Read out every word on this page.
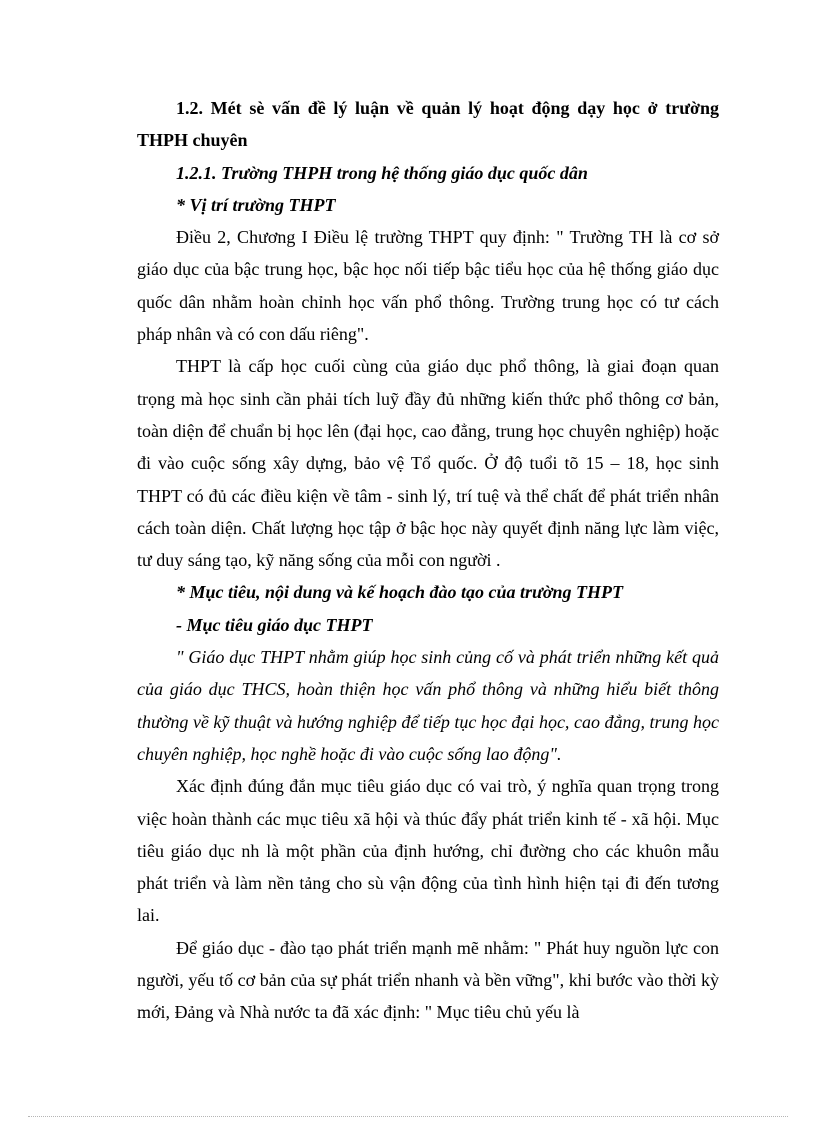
1.2. Mét sè vấn đề lý luận về quản lý hoạt động dạy học ở trường THPH chuyên

1.2.1. Trường THPH trong hệ thống giáo dục quốc dân

* Vị trí trường THPT

Điều 2, Chương I Điều lệ trường THPT quy định: " Trường TH là cơ sở giáo dục của bậc trung học, bậc học nối tiếp bậc tiểu học của hệ thống giáo dục quốc dân nhằm hoàn chỉnh học vấn phổ thông. Trường trung học có tư cách pháp nhân và có con dấu riêng".

THPT là cấp học cuối cùng của giáo dục phổ thông, là giai đoạn quan trọng mà học sinh cần phải tích luỹ đầy đủ những kiến thức phổ thông cơ bản, toàn diện để chuẩn bị học lên (đại học, cao đẳng, trung học chuyên nghiệp) hoặc đi vào cuộc sống xây dựng, bảo vệ Tổ quốc. Ở độ tuổi tõ 15 – 18, học sinh THPT có đủ các điều kiện về tâm - sinh lý, trí tuệ và thể chất để phát triển nhân cách toàn diện. Chất lượng học tập ở bậc học này quyết định năng lực làm việc, tư duy sáng tạo, kỹ năng sống của mỗi con người .

* Mục tiêu, nội dung và kế hoạch đào tạo của trường THPT

- Mục tiêu giáo dục THPT

" Giáo dục THPT nhằm giúp học sinh củng cố và phát triển những kết quả của giáo dục THCS, hoàn thiện học vấn phổ thông và những hiểu biết thông thường về kỹ thuật và hướng nghiệp để tiếp tục học đại học, cao đẳng, trung học chuyên nghiệp, học nghề hoặc đi vào cuộc sống lao động".

Xác định đúng đắn mục tiêu giáo dục có vai trò, ý nghĩa quan trọng trong việc hoàn thành các mục tiêu xã hội và thúc đẩy phát triển kinh tế - xã hội. Mục tiêu giáo dục nh là một phần của định hướng, chỉ đường cho các khuôn mẫu phát triển và làm nền tảng cho sù vận động của tình hình hiện tại đi đến tương lai.

Để giáo dục - đào tạo phát triển mạnh mẽ nhằm: " Phát huy nguồn lực con người, yếu tố cơ bản của sự phát triển nhanh và bền vững", khi bước vào thời kỳ mới, Đảng và Nhà nước ta đã xác định: " Mục tiêu chủ yếu là
